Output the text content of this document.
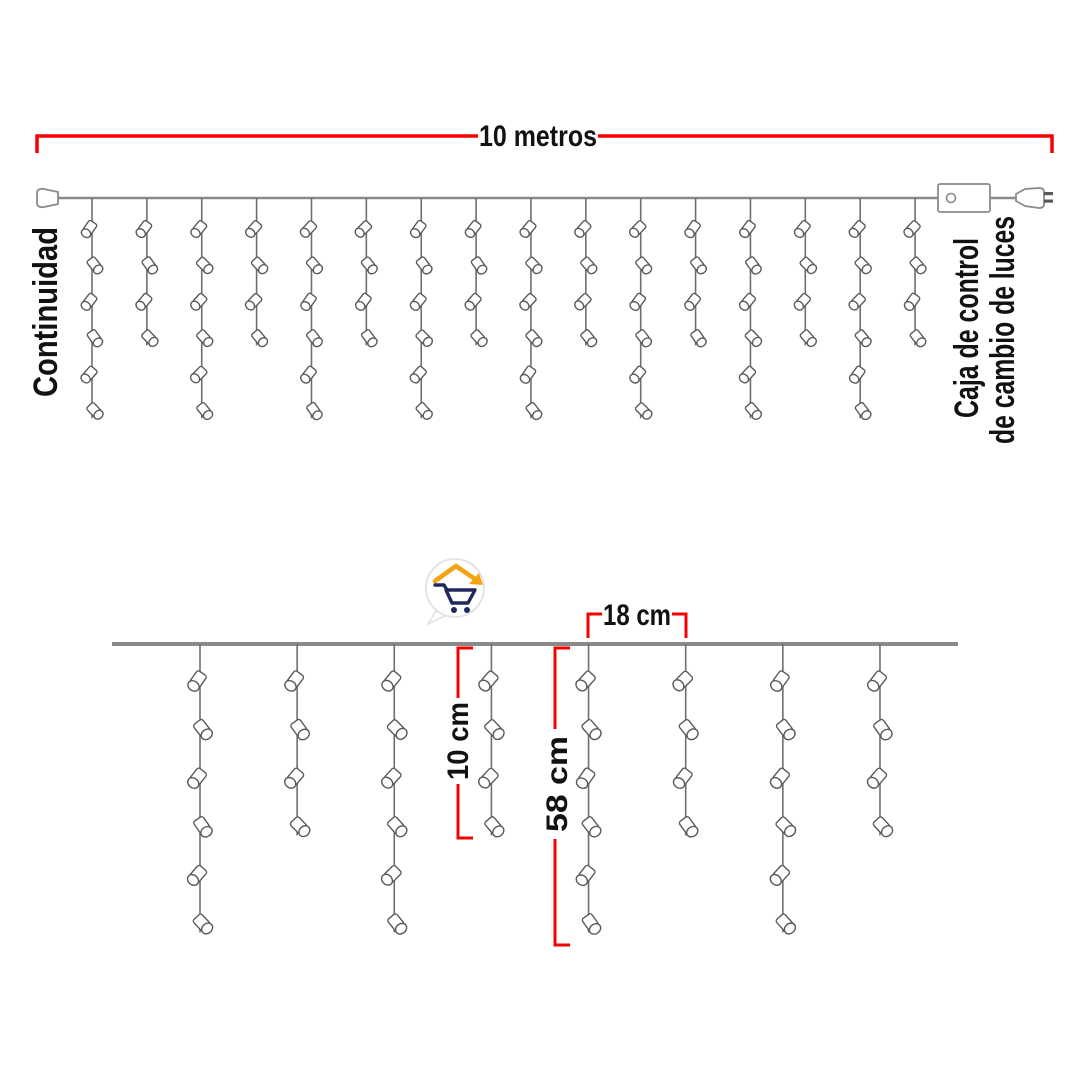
10 metros
Continuidad	Caja de control
de cambio de luces
18 cm
10 cm
58 cm
